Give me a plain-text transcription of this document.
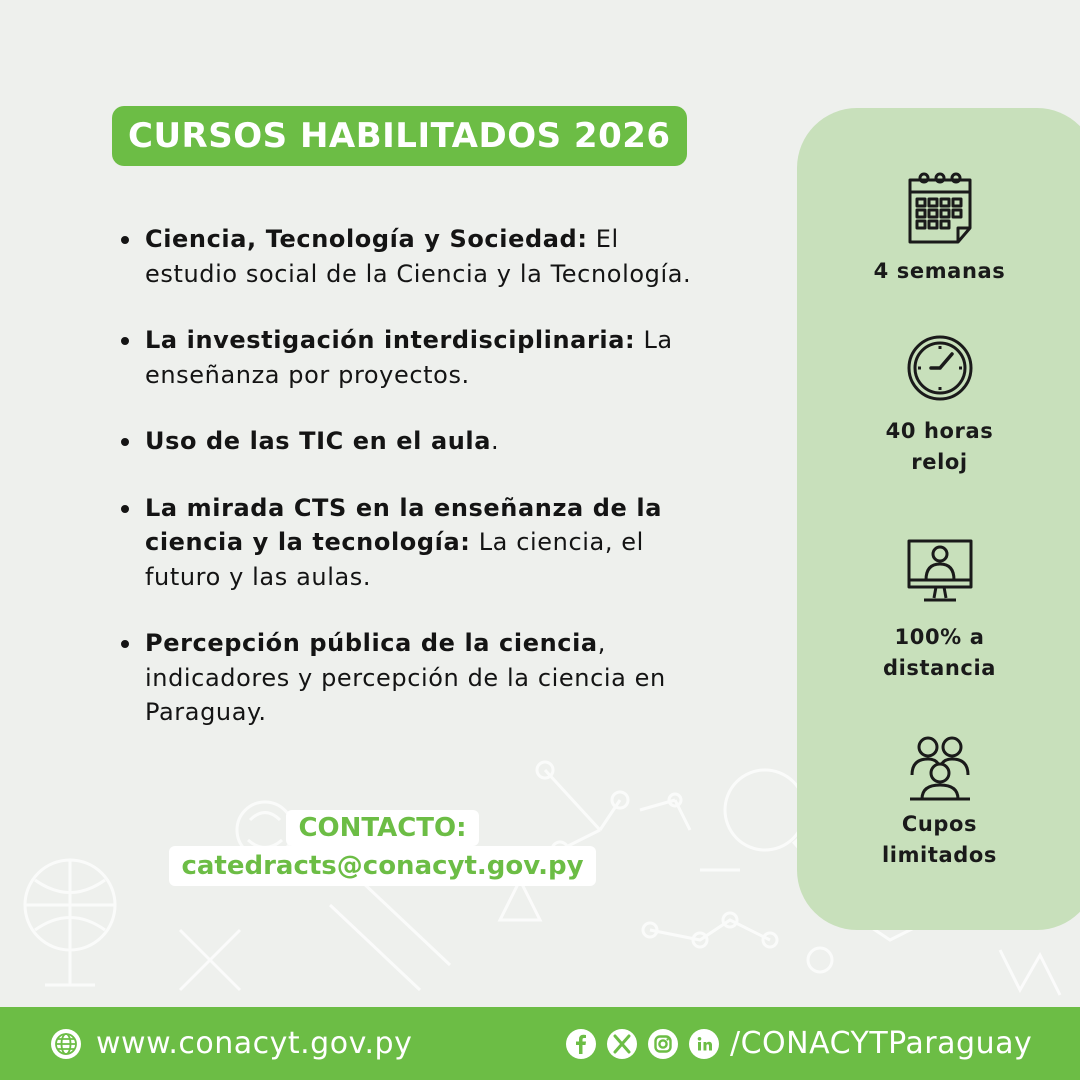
CURSOS HABILITADOS 2026
Ciencia, Tecnología y Sociedad: El estudio social de la Ciencia y la Tecnología.
La investigación interdisciplinaria: La enseñanza por proyectos.
Uso de las TIC en el aula.
La mirada CTS en la enseñanza de la ciencia y la tecnología: La ciencia, el futuro y las aulas.
Percepción pública de la ciencia, indicadores y percepción de la ciencia en Paraguay.
CONTACTO:
catedracts@conacyt.gov.py
4 semanas
40 horas
reloj
100% a
distancia
Cupos
limitados
www.conacyt.gov.py	/CONACYTParaguay
